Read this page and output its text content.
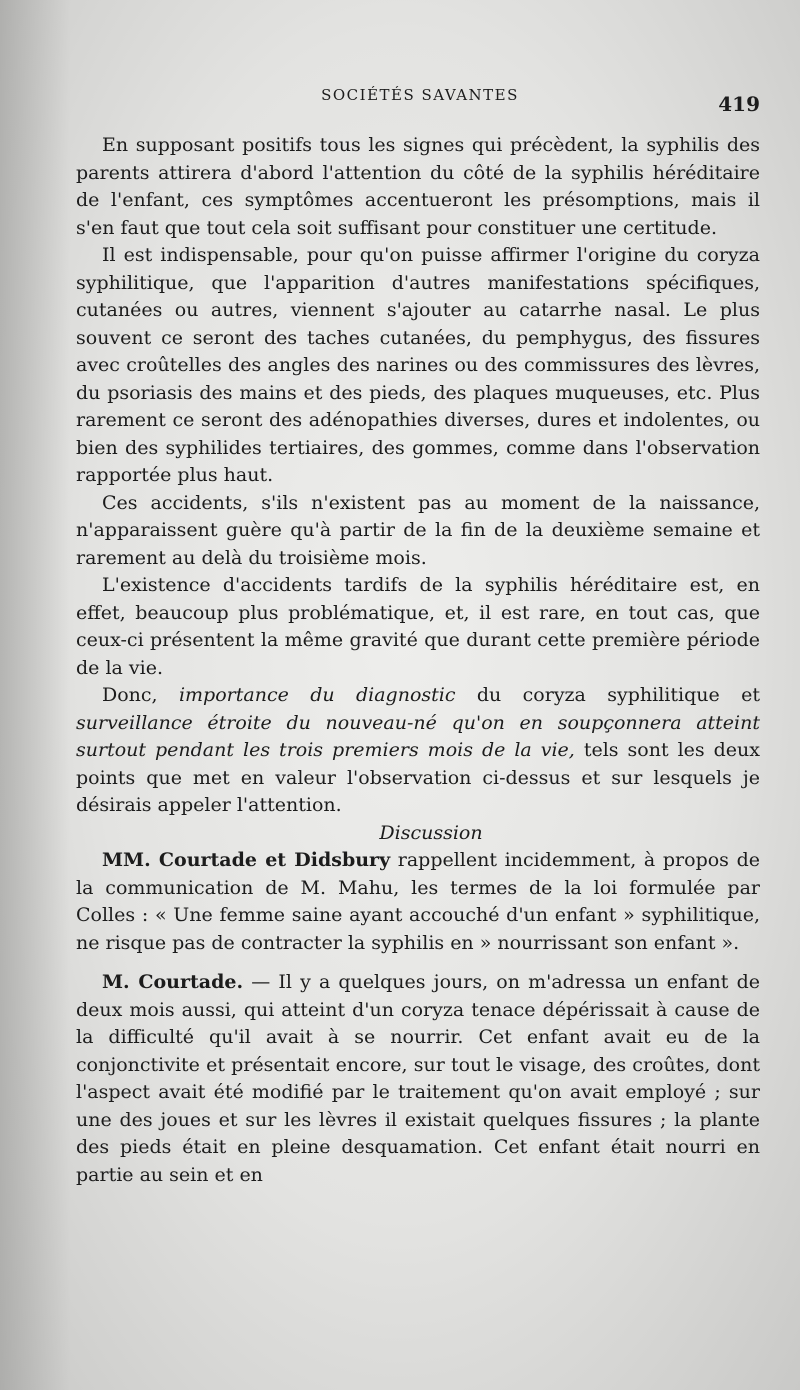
SOCIÉTÉS SAVANTES	419

En supposant positifs tous les signes qui précèdent, la syphilis des parents attirera d'abord l'attention du côté de la syphilis héréditaire de l'enfant, ces symptômes accentueront les présomptions, mais il s'en faut que tout cela soit suffisant pour constituer une certitude.

Il est indispensable, pour qu'on puisse affirmer l'origine du coryza syphilitique, que l'apparition d'autres manifestations spécifiques, cutanées ou autres, viennent s'ajouter au catarrhe nasal. Le plus souvent ce seront des taches cutanées, du pemphygus, des fissures avec croûtelles des angles des narines ou des commissures des lèvres, du psoriasis des mains et des pieds, des plaques muqueuses, etc. Plus rarement ce seront des adénopathies diverses, dures et indolentes, ou bien des syphilides tertiaires, des gommes, comme dans l'observation rapportée plus haut.

Ces accidents, s'ils n'existent pas au moment de la naissance, n'apparaissent guère qu'à partir de la fin de la deuxième semaine et rarement au delà du troisième mois.

L'existence d'accidents tardifs de la syphilis héréditaire est, en effet, beaucoup plus problématique, et, il est rare, en tout cas, que ceux-ci présentent la même gravité que durant cette première période de la vie.

Donc, importance du diagnostic du coryza syphilitique et surveillance étroite du nouveau-né qu'on en soupçonnera atteint surtout pendant les trois premiers mois de la vie, tels sont les deux points que met en valeur l'observation ci-dessus et sur lesquels je désirais appeler l'attention.

Discussion

MM. Courtade et Didsbury rappellent incidemment, à propos de la communication de M. Mahu, les termes de la loi formulée par Colles : « Une femme saine ayant accouché d'un enfant » syphilitique, ne risque pas de contracter la syphilis en » nourrissant son enfant ».

M. Courtade. — Il y a quelques jours, on m'adressa un enfant de deux mois aussi, qui atteint d'un coryza tenace dépérissait à cause de la difficulté qu'il avait à se nourrir. Cet enfant avait eu de la conjonctivite et présentait encore, sur tout le visage, des croûtes, dont l'aspect avait été modifié par le traitement qu'on avait employé ; sur une des joues et sur les lèvres il existait quelques fissures ; la plante des pieds était en pleine desquamation. Cet enfant était nourri en partie au sein et en
